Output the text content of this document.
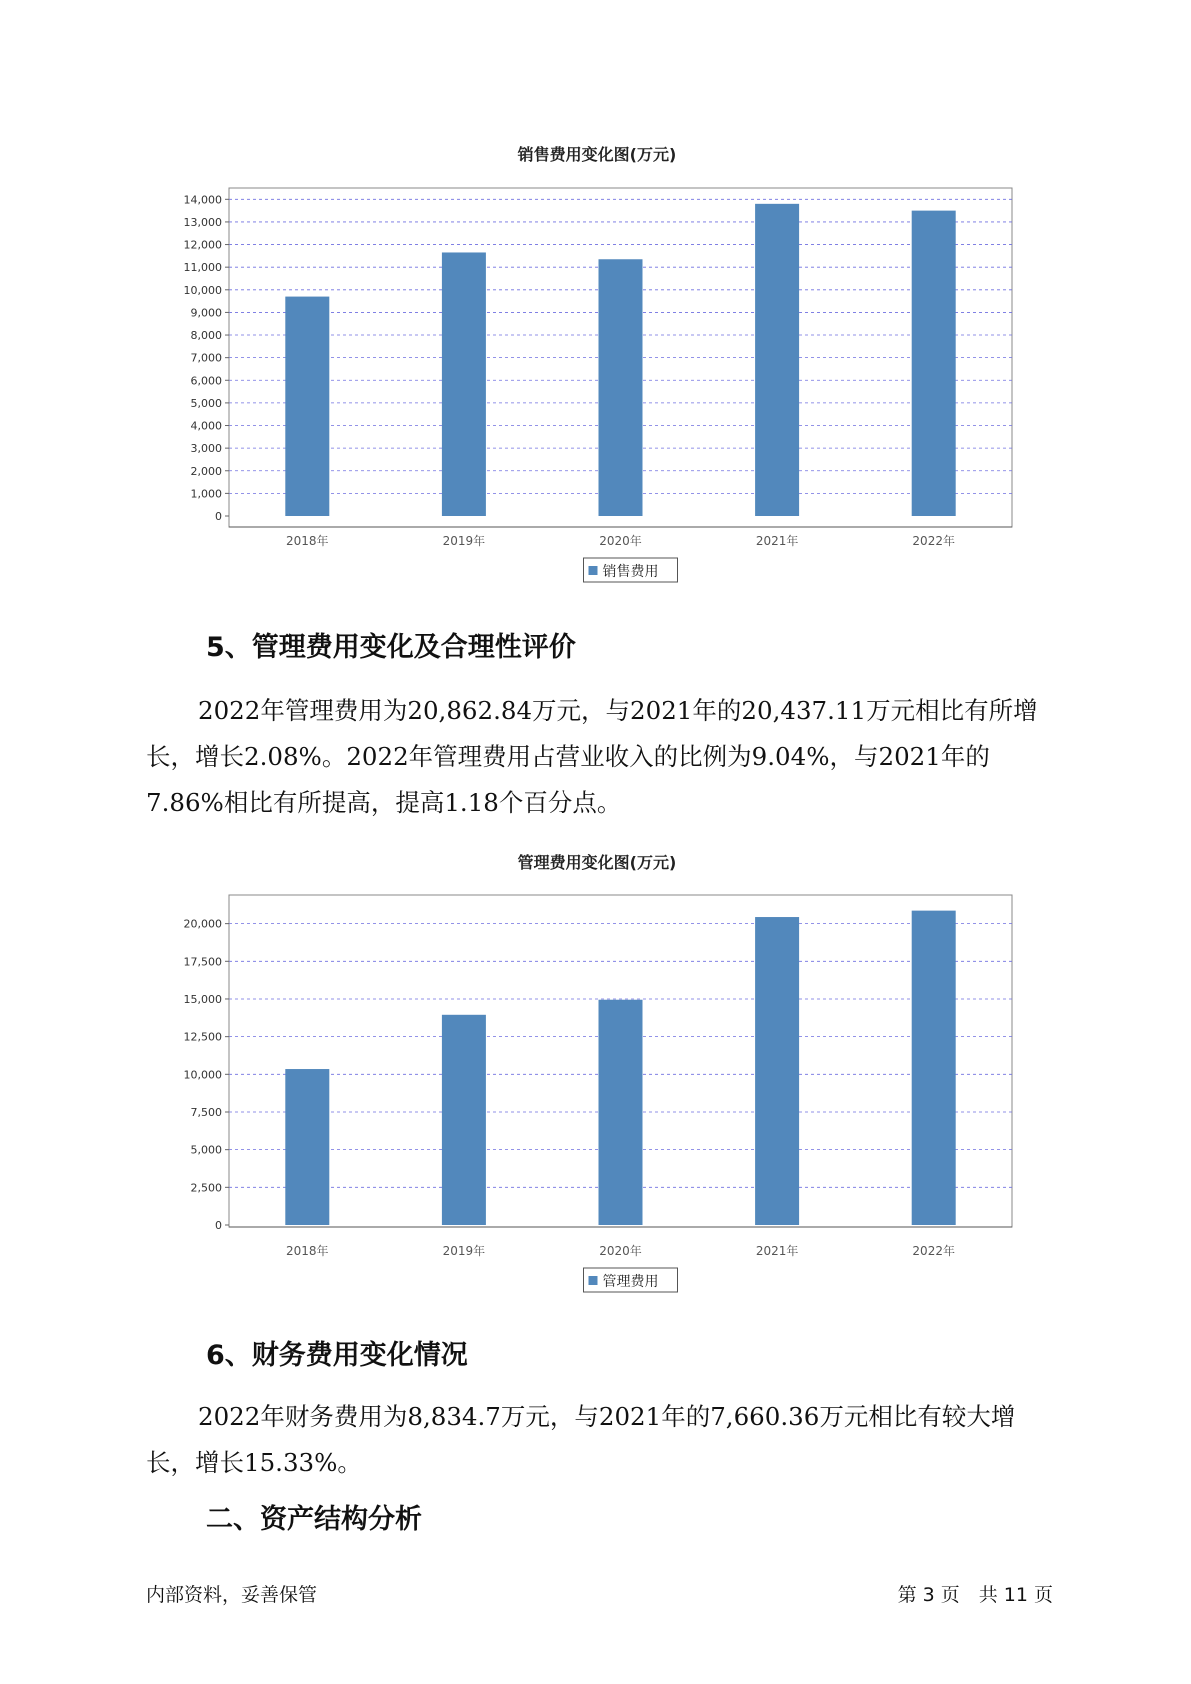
销售费用变化图(万元)
0
1,000
2,000
3,000
4,000
5,000
6,000
7,000
8,000
9,000
10,000
11,000
12,000
13,000
14,000
2018年	2019年	2020年	2021年	2022年
销售费用
5、管理费用变化及合理性评价

2022年管理费用为20,862.84万元，与2021年的20,437.11万元相比有所增长，增长2.08%。2022年管理费用占营业收入的比例为9.04%，与2021年的7.86%相比有所提高，提高1.18个百分点。

管理费用变化图(万元)
0
2,500
5,000
7,500
10,000
12,500
15,000
17,500
20,000
2018年	2019年	2020年	2021年	2022年
管理费用
6、财务费用变化情况

2022年财务费用为8,834.7万元，与2021年的7,660.36万元相比有较大增长，增长15.33%。

二、资产结构分析
内部资料，妥善保管	第 3 页　共 11 页
